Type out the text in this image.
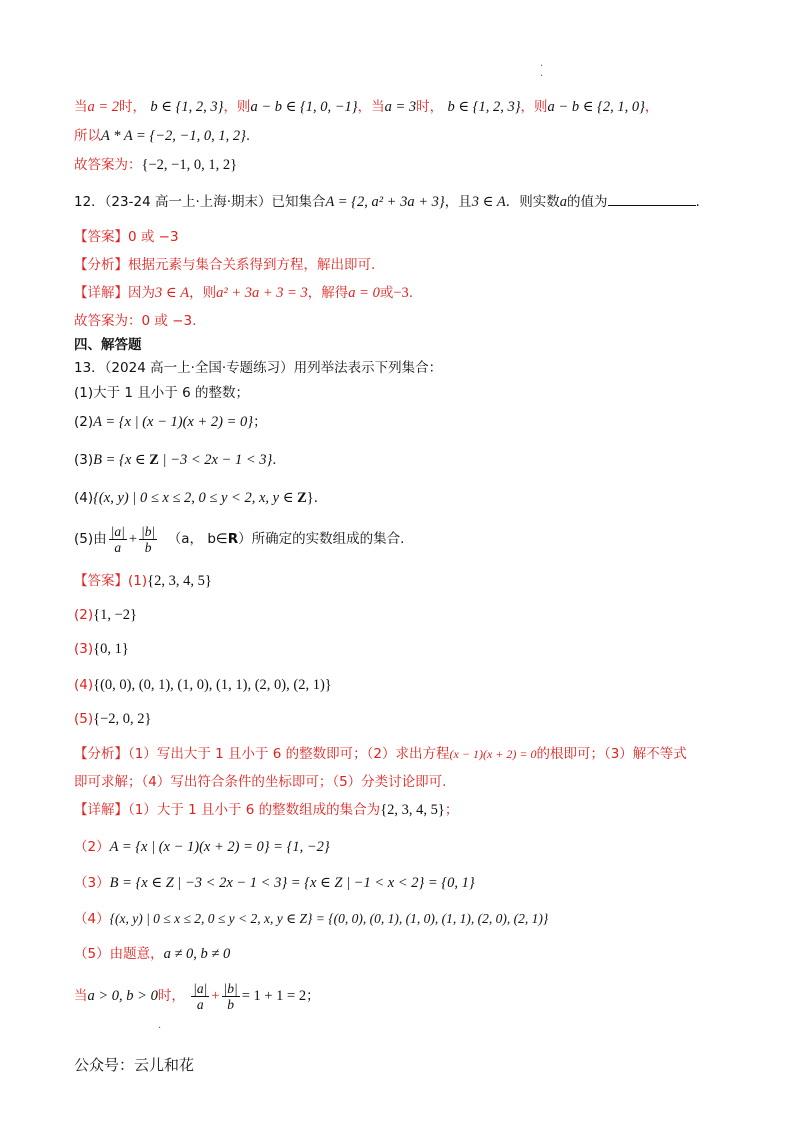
.
.
当a = 2时， b ∈ {1, 2, 3}，则a − b ∈ {1, 0, −1}，当a = 3时， b ∈ {1, 2, 3}，则a − b ∈ {2, 1, 0}，
所以A * A = {−2, −1, 0, 1, 2}.
故答案为：{−2, −1, 0, 1, 2}
12．（23-24 高一上·上海·期末）已知集合A = {2, a² + 3a + 3}，且3 ∈ A．则实数a的值为	.
【答案】0 或 −3
【分析】根据元素与集合关系得到方程，解出即可.
【详解】因为3 ∈ A，则a² + 3a + 3 = 3，解得a = 0或−3.
故答案为：0 或 −3.
四、解答题
13．（2024 高一上·全国·专题练习）用列举法表示下列集合：
(1)大于 1 且小于 6 的整数；
(2)A = {x | (x − 1)(x + 2) = 0}；
(3)B = {x ∈ Z | −3 < 2x − 1 < 3}．
(4){(x, y) | 0 ≤ x ≤ 2, 0 ≤ y < 2, x, y ∈ Z}．
(5)由 $\frac{|a|}{a} + \frac{|b|}{b} (a$， b∈R）所确定的实数组成的集合.
【答案】(1){2, 3, 4, 5}
(2){1, −2}
(3){0, 1}
(4){(0, 0), (0, 1), (1, 0), (1, 1), (2, 0), (2, 1)}
(5){−2, 0, 2}
【分析】（1）写出大于 1 且小于 6 的整数即可；（2）求出方程(x − 1)(x + 2) = 0的根即可；（3）解不等式
即可求解；（4）写出符合条件的坐标即可；（5）分类讨论即可.
【详解】（1）大于 1 且小于 6 的整数组成的集合为{2, 3, 4, 5}；
（2）A = {x | (x − 1)(x + 2) = 0} = {1, −2}
（3）B = {x ∈ Z | −3 < 2x − 1 < 3} = {x ∈ Z | −1 < x < 2} = {0, 1}
（4）{(x, y) | 0 ≤ x ≤ 2, 0 ≤ y < 2, x, y ∈ Z} = {(0, 0), (0, 1), (1, 0), (1, 1), (2, 0), (2, 1)}
（5）由题意，a ≠ 0, b ≠ 0
当a > 0, b > 0时， $\frac{|a|}{a} + \frac{|b|}{b} = 1 + 1 = 2$；
.
公众号：云儿和花
